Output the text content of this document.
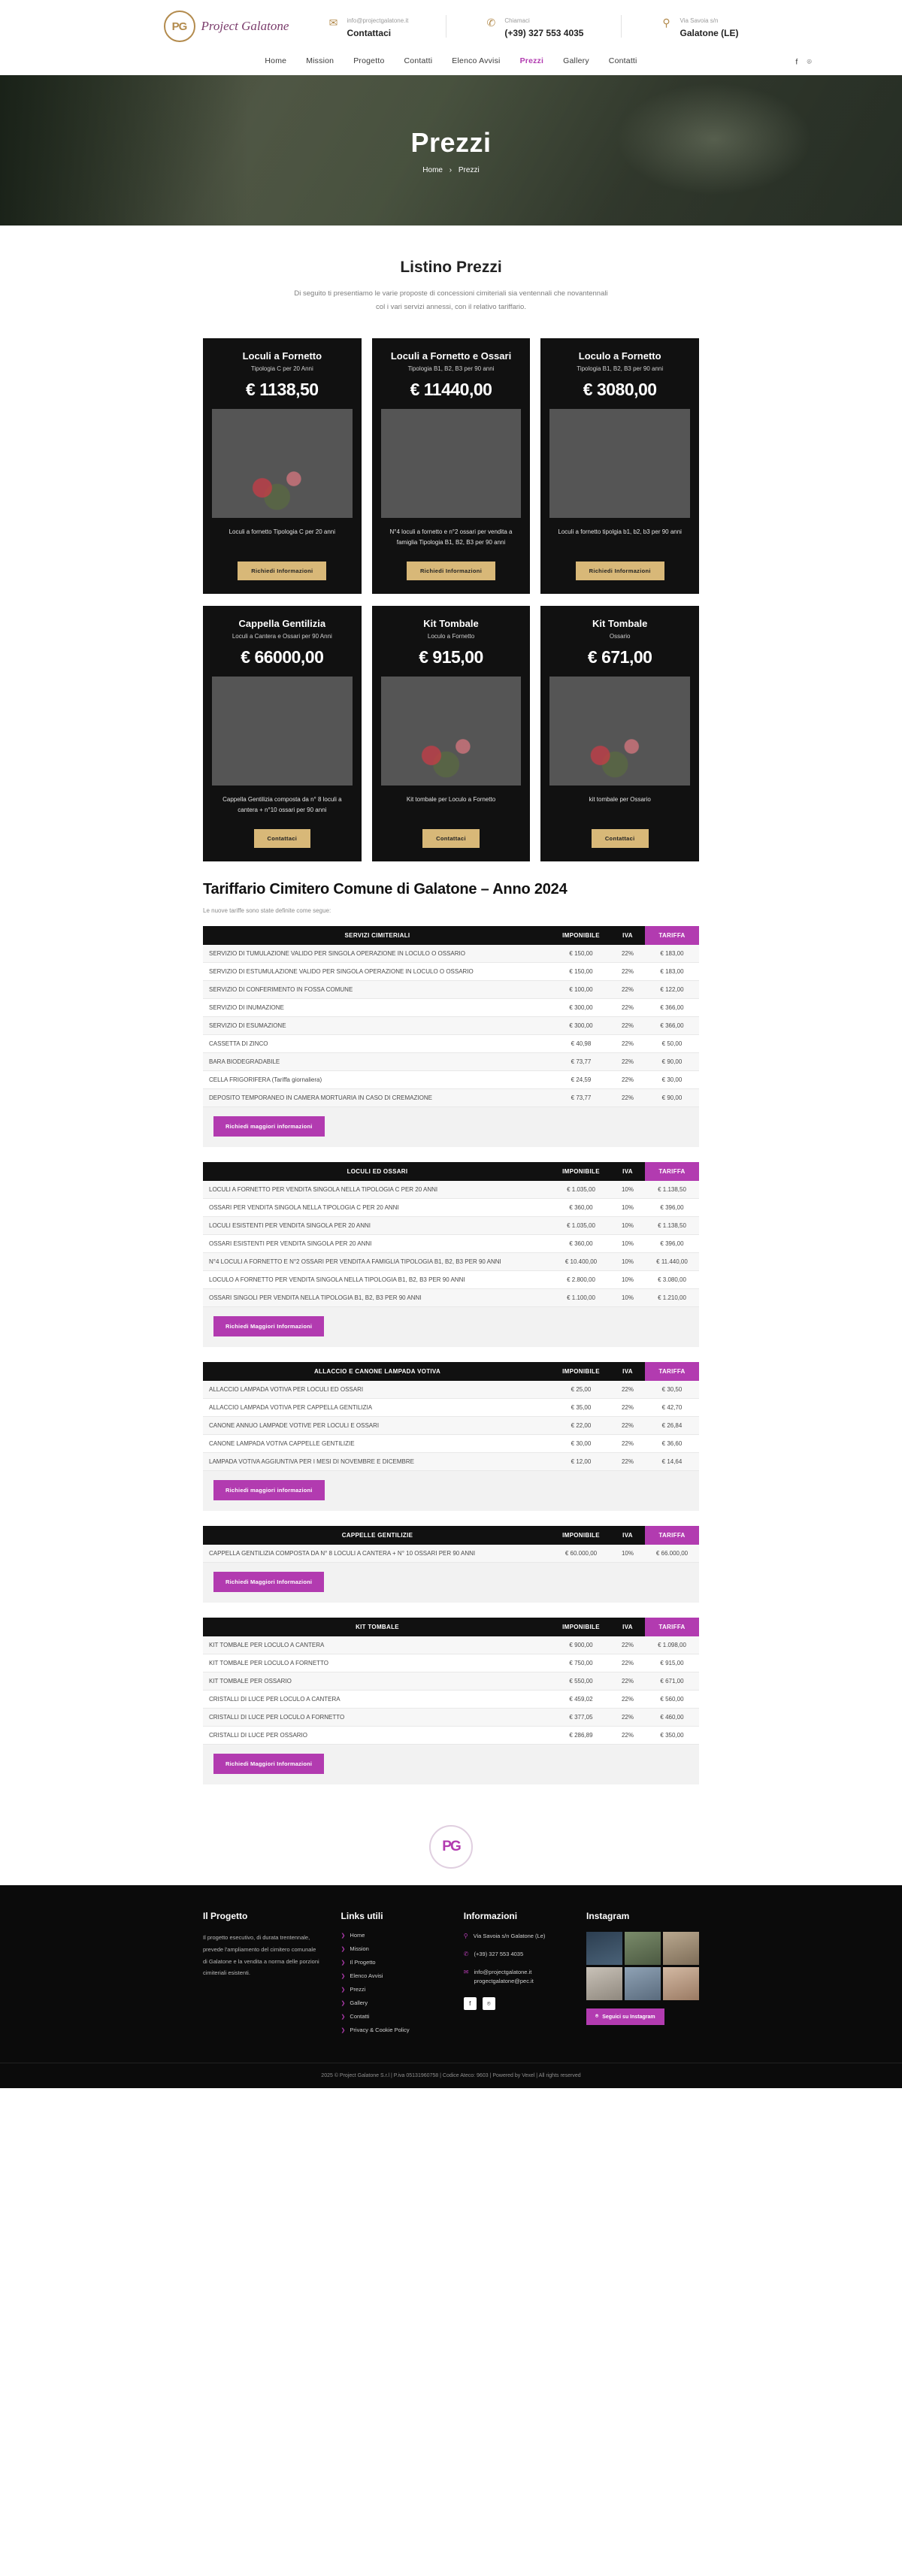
PG	Project Galatone	✉	info@projectgalatone.it
Contattaci
✆	Chiamaci
(+39) 327 553 4035
⚲	Via Savoia s/n
Galatone (LE)
Home Mission Progetto Contatti Elenco Avvisi Prezzi Gallery Contatti	f ⌾
Prezzi
Home › Prezzi
Listino Prezzi

Di seguito ti presentiamo le varie proposte di concessioni cimiteriali sia ventennali che novantennali col i vari servizi annessi, con il relativo tariffario.

Loculi a Fornetto
Tipologia C per 20 Anni
€ 1138,50
Loculi a fornetto Tipologia C per 20 anni
Richiedi Informazioni
Loculi a Fornetto e Ossari
Tipologia B1, B2, B3 per 90 anni
€ 11440,00
N°4 loculi a fornetto e n°2 ossari per vendita a famiglia Tipologia B1, B2, B3 per 90 anni
Richiedi Informazioni
Loculo a Fornetto
Tipologia B1, B2, B3 per 90 anni
€ 3080,00
Loculi a fornetto tipolgia b1, b2, b3 per 90 anni
Richiedi Informazioni
Cappella Gentilizia
Loculi a Cantera e Ossari per 90 Anni
€ 66000,00
Cappella Gentilizia composta da n° 8 loculi a cantera + n°10 ossari per 90 anni
Contattaci
Kit Tombale
Loculo a Fornetto
€ 915,00
Kit tombale per Loculo a Fornetto
Contattaci
Kit Tombale
Ossario
€ 671,00
kit tombale per Ossario
Contattaci
Tariffario Cimitero Comune di Galatone – Anno 2024
Le nuove tariffe sono state definite come segue:
SERVIZI CIMITERIALI	IMPONIBILE	IVA	TARIFFA
SERVIZIO DI TUMULAZIONE VALIDO PER SINGOLA OPERAZIONE IN LOCULO O OSSARIO	€ 150,00	22%	€ 183,00
SERVIZIO DI ESTUMULAZIONE VALIDO PER SINGOLA OPERAZIONE IN LOCULO O OSSARIO	€ 150,00	22%	€ 183,00
SERVIZIO DI CONFERIMENTO IN FOSSA COMUNE	€ 100,00	22%	€ 122,00
SERVIZIO DI INUMAZIONE	€ 300,00	22%	€ 366,00
SERVIZIO DI ESUMAZIONE	€ 300,00	22%	€ 366,00
CASSETTA DI ZINCO	€ 40,98	22%	€ 50,00
BARA BIODEGRADABILE	€ 73,77	22%	€ 90,00
CELLA FRIGORIFERA (Tariffa giornaliera)	€ 24,59	22%	€ 30,00
DEPOSITO TEMPORANEO IN CAMERA MORTUARIA IN CASO DI CREMAZIONE	€ 73,77	22%	€ 90,00
Richiedi maggiori informazioni
LOCULI ED OSSARI	IMPONIBILE	IVA	TARIFFA
LOCULI A FORNETTO PER VENDITA SINGOLA NELLA TIPOLOGIA C PER 20 ANNI	€ 1.035,00	10%	€ 1.138,50
OSSARI PER VENDITA SINGOLA NELLA TIPOLOGIA C PER 20 ANNI	€ 360,00	10%	€ 396,00
LOCULI ESISTENTI PER VENDITA SINGOLA PER 20 ANNI	€ 1.035,00	10%	€ 1.138,50
OSSARI ESISTENTI PER VENDITA SINGOLA PER 20 ANNI	€ 360,00	10%	€ 396,00
N°4 LOCULI A FORNETTO E N°2 OSSARI PER VENDITA A FAMIGLIA TIPOLOGIA B1, B2, B3 PER 90 ANNI	€ 10.400,00	10%	€ 11.440,00
LOCULO A FORNETTO PER VENDITA SINGOLA NELLA TIPOLOGIA B1, B2, B3 PER 90 ANNI	€ 2.800,00	10%	€ 3.080,00
OSSARI SINGOLI PER VENDITA NELLA TIPOLOGIA B1, B2, B3 PER 90 ANNI	€ 1.100,00	10%	€ 1.210,00
Richiedi Maggiori Informazioni
ALLACCIO E CANONE LAMPADA VOTIVA	IMPONIBILE	IVA	TARIFFA
ALLACCIO LAMPADA VOTIVA PER LOCULI ED OSSARI	€ 25,00	22%	€ 30,50
ALLACCIO LAMPADA VOTIVA PER CAPPELLA GENTILIZIA	€ 35,00	22%	€ 42,70
CANONE ANNUO LAMPADE VOTIVE PER LOCULI E OSSARI	€ 22,00	22%	€ 26,84
CANONE LAMPADA VOTIVA CAPPELLE GENTILIZIE	€ 30,00	22%	€ 36,60
LAMPADA VOTIVA AGGIUNTIVA PER I MESI DI NOVEMBRE E DICEMBRE	€ 12,00	22%	€ 14,64
Richiedi maggiori informazioni
CAPPELLE GENTILIZIE	IMPONIBILE	IVA	TARIFFA
CAPPELLA GENTILIZIA COMPOSTA DA N° 8 LOCULI A CANTERA + N° 10 OSSARI PER 90 ANNI	€ 60.000,00	10%	€ 66.000,00
Richiedi Maggiori Informazioni
KIT TOMBALE	IMPONIBILE	IVA	TARIFFA
KIT TOMBALE PER LOCULO A CANTERA	€ 900,00	22%	€ 1.098,00
KIT TOMBALE PER LOCULO A FORNETTO	€ 750,00	22%	€ 915,00
KIT TOMBALE PER OSSARIO	€ 550,00	22%	€ 671,00
CRISTALLI DI LUCE PER LOCULO A CANTERA	€ 459,02	22%	€ 560,00
CRISTALLI DI LUCE PER LOCULO A FORNETTO	€ 377,05	22%	€ 460,00
CRISTALLI DI LUCE PER OSSARIO	€ 286,89	22%	€ 350,00
Richiedi Maggiori Informazioni
PG
Il Progetto

Il progetto esecutivo, di durata trentennale, prevede l'ampliamento del cimitero comunale di Galatone e la vendita a norma delle porzioni cimiteriali esistenti.

Links utili
❯ Home
❯ Mission
❯ Il Progetto
❯ Elenco Avvisi
❯ Prezzi
❯ Gallery
❯ Contatti
❯ Privacy & Cookie Policy
Informazioni
⚲ Via Savoia s/n Galatone (Le)
✆ (+39) 327 553 4035
✉ info@projectgalatone.it progectgalatone@pec.it
f	⌾
Instagram
⌾ Seguici su Instagram
2025 © Project Galatone S.r.l | P.iva 05131960758 | Codice Ateco: 9603 | Powered by Vexel | All rights reserved
